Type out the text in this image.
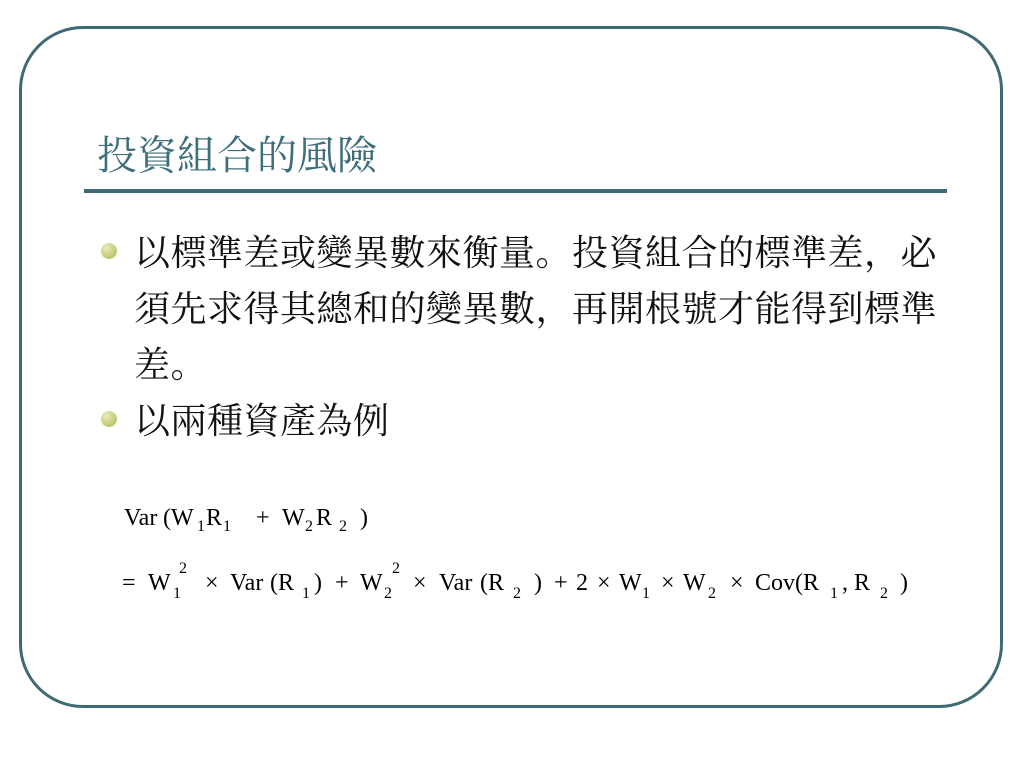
投資組合的風險
以標準差或變異數來衡量。投資組合的標準差，必須先求得其總和的變異數，再開根號才能得到標準差。
以兩種資產為例
Var (W 1 R 1 + W 2 R 2 )
= W 1
2
× Var (R 1 ) + W 2
2
× Var (R 2 ) + 2 × W 1 × W 2 × Cov(R 1 , R 2 )
